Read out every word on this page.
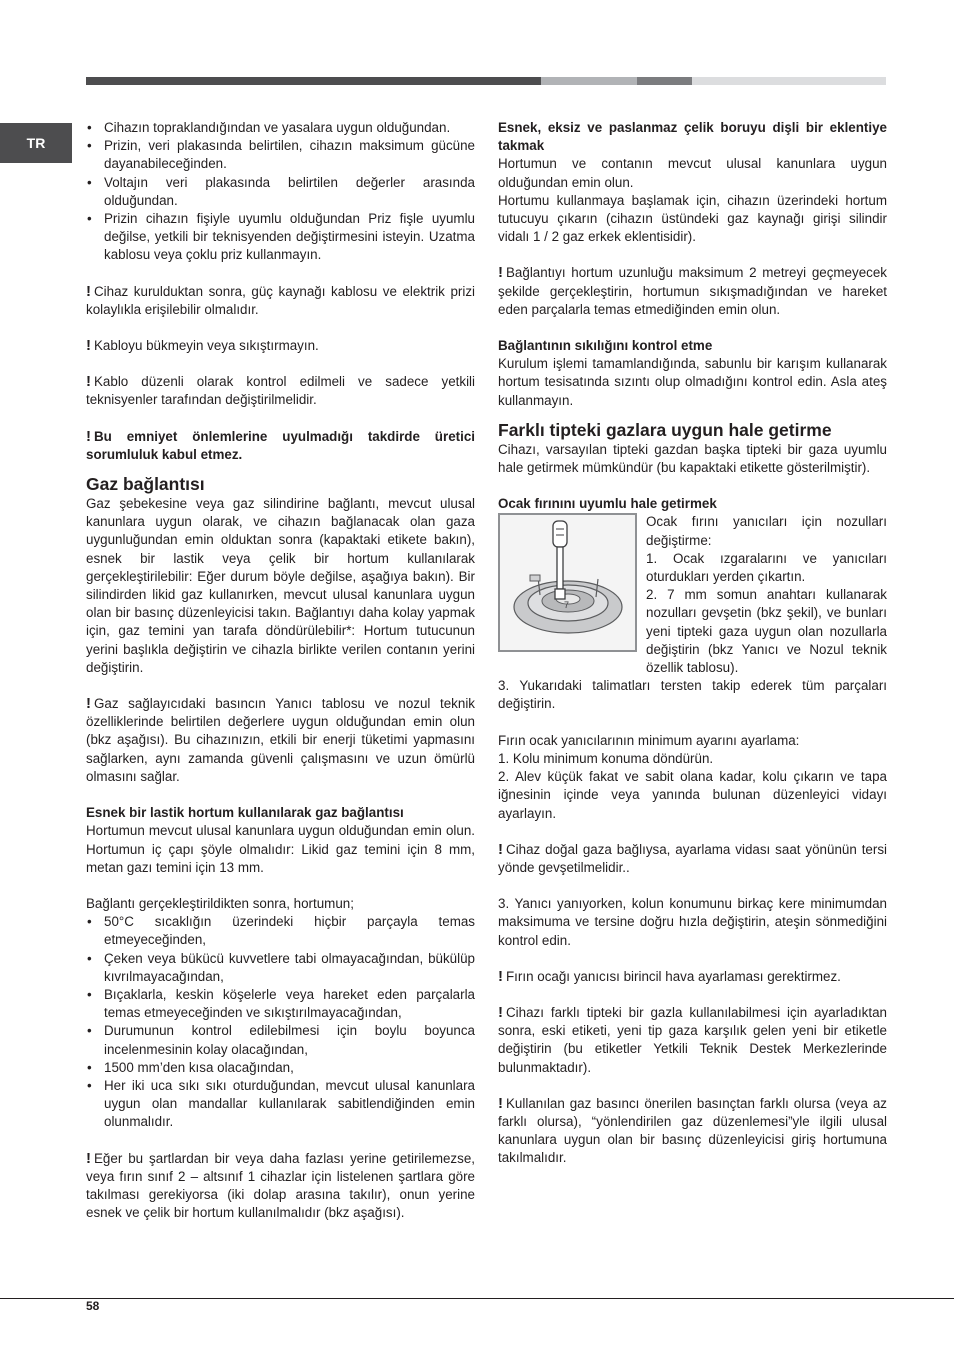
TR
• Cihazın topraklandığından ve yasalara uygun olduğundan.
• Prizin, veri plakasında belirtilen, cihazın maksimum gücüne dayanabileceğinden.
• Voltajın veri plakasında belirtilen değerler arasında olduğundan.
• Prizin cihazın fişiyle uyumlu olduğundan Priz fişle uyumlu değilse, yetkili bir teknisyenden değiştirmesini isteyin. Uzatma kablosu veya çoklu priz kullanmayın.

! Cihaz kurulduktan sonra, güç kaynağı kablosu ve elektrik prizi kolaylıkla erişilebilir olmalıdır.

! Kabloyu bükmeyin veya sıkıştırmayın.

! Kablo düzenli olarak kontrol edilmeli ve sadece yetkili teknisyenler tarafından değiştirilmelidir.

! Bu emniyet önlemlerine uyulmadığı takdirde üretici sorumluluk kabul etmez.

Gaz bağlantısı

Gaz şebekesine veya gaz silindirine bağlantı, mevcut ulusal kanunlara uygun olarak, ve cihazın bağlanacak olan gaza uygunluğundan emin olduktan sonra (kapaktaki etikete bakın), esnek bir lastik veya çelik bir hortum kullanılarak gerçekleştirilebilir: Eğer durum böyle değilse, aşağıya bakın). Bir silindirden likid gaz kullanırken, mevcut ulusal kanunlara uygun olan bir basınç düzenleyicisi takın. Bağlantıyı daha kolay yapmak için, gaz temini yan tarafa döndürülebilir*: Hortum tutucunun yerini başlıkla değiştirin ve cihazla birlikte verilen contanın yerini değiştirin.

! Gaz sağlayıcıdaki basıncın Yanıcı tablosu ve nozul teknik özelliklerinde belirtilen değerlere uygun olduğundan emin olun (bkz aşağısı). Bu cihazınızın, etkili bir enerji tüketimi yapmasını sağlarken, aynı zamanda güvenli çalışmasını ve uzun ömürlü olmasını sağlar.

Esnek bir lastik hortum kullanılarak gaz bağlantısı

Hortumun mevcut ulusal kanunlara uygun olduğundan emin olun. Hortumun iç çapı şöyle olmalıdır: Likid gaz temini için 8 mm, metan gazı temini için 13 mm.

Bağlantı gerçekleştirildikten sonra, hortumun;

• 50°C sıcaklığın üzerindeki hiçbir parçayla temas etmeyeceğinden,
• Çeken veya bükücü kuvvetlere tabi olmayacağından, bükülüp kıvrılmayacağından,
• Bıçaklarla, keskin köşelerle veya hareket eden parçalarla temas etmeyeceğinden ve sıkıştırılmayacağından,
• Durumunun kontrol edilebilmesi için boylu boyunca incelenmesinin kolay olacağından,
• 1500 mm’den kısa olacağından,
• Her iki uca sıkı sıkı oturduğundan, mevcut ulusal kanunlara uygun olan mandallar kullanılarak sabitlendiğinden emin olunmalıdır.

! Eğer bu şartlardan bir veya daha fazlası yerine getirilemezse, veya fırın sınıf 2 – altsınıf 1 cihazlar için listelenen şartlara göre takılması gerekiyorsa (iki dolap arasına takılır), onun yerine esnek ve çelik bir hortum kullanılmalıdır (bkz aşağısı).

Esnek, eksiz ve paslanmaz çelik boruyu dişli bir eklentiye takmak

Hortumun ve contanın mevcut ulusal kanunlara uygun olduğundan emin olun.

Hortumu kullanmaya başlamak için, cihazın üzerindeki hortum tutucuyu çıkarın (cihazın üstündeki gaz kaynağı girişi silindir vidalı 1 / 2 gaz erkek eklentisidir).

! Bağlantıyı hortum uzunluğu maksimum 2 metreyi geçmeyecek şekilde gerçekleştirin, hortumun sıkışmadığından ve hareket eden parçalarla temas etmediğinden emin olun.

Bağlantının sıkılığını kontrol etme

Kurulum işlemi tamamlandığında, sabunlu bir karışım kullanarak hortum tesisatında sızıntı olup olmadığını kontrol edin. Asla ateş kullanmayın.

Farklı tipteki gazlara uygun hale getirme

Cihazı, varsayılan tipteki gazdan başka tipteki bir gaza uyumlu hale getirmek mümkündür (bu kapaktaki etikette gösterilmiştir).

Ocak fırınını uyumlu hale getirmek

7

Ocak fırını yanıcıları için nozulları değiştirme:

1. Ocak ızgaralarını ve yanıcıları oturdukları yerden çıkartın.

2. 7 mm somun anahtarı kullanarak nozulları gevşetin (bkz şekil), ve bunları yeni tipteki gaza uygun olan nozullarla değiştirin (bkz Yanıcı ve Nozul teknik özellik tablosu).

3. Yukarıdaki talimatları tersten takip ederek tüm parçaları değiştirin.

Fırın ocak yanıcılarının minimum ayarını ayarlama:

1. Kolu minimum konuma döndürün.

2. Alev küçük fakat ve sabit olana kadar, kolu çıkarın ve tapa iğnesinin içinde veya yanında bulunan düzenleyici vidayı ayarlayın.

! Cihaz doğal gaza bağlıysa, ayarlama vidası saat yönünün tersi yönde gevşetilmelidir..

3. Yanıcı yanıyorken, kolun konumunu birkaç kere minimumdan maksimuma ve tersine doğru hızla değiştirin, ateşin sönmediğini kontrol edin.

! Fırın ocağı yanıcısı birincil hava ayarlaması gerektirmez.

! Cihazı farklı tipteki bir gazla kullanılabilmesi için ayarladıktan sonra, eski etiketi, yeni tip gaza karşılık gelen yeni bir etiketle değiştirin (bu etiketler Yetkili Teknik Destek Merkezlerinde bulunmaktadır).

! Kullanılan gaz basıncı önerilen basınçtan farklı olursa (veya az farklı olursa), “yönlendirilen gaz düzenlemesi”yle ilgili ulusal kanunlara uygun olan bir basınç düzenleyicisi giriş hortumuna takılmalıdır.

58
